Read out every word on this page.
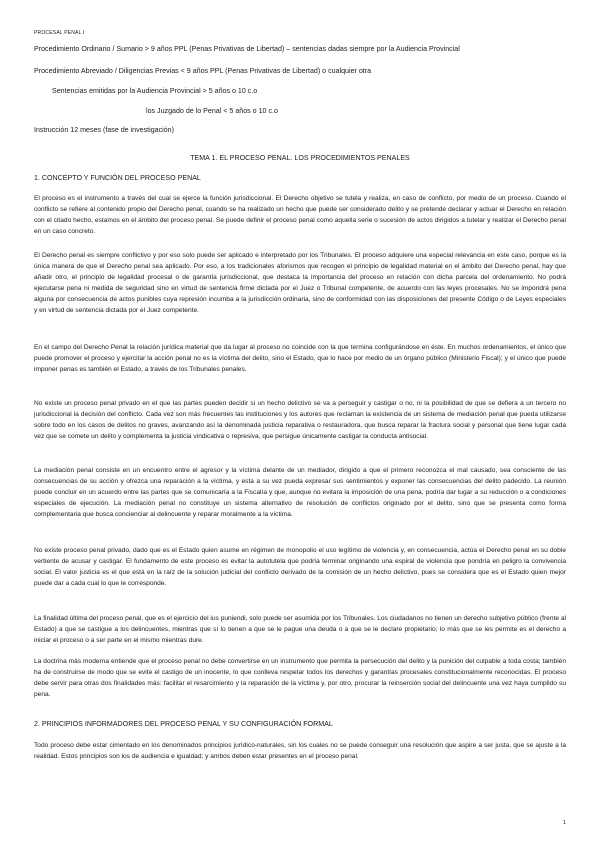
PROCESAL PENAL I
Procedimiento Ordinario / Sumario > 9 años PPL (Penas Privativas de Libertad) – sentencias dadas siempre por la Audiencia Provincial
Procedimiento Abreviado / Diligencias Previas < 9 años PPL (Penas Privativas de Libertad) o cualquier otra
Sentencias emitidas por la Audiencia Provincial > 5 años o 10 c.o
los Juzgado de lo Penal < 5 años o 10 c.o
Instrucción 12 meses (fase de investigación)
TEMA 1. EL PROCESO PENAL. LOS PROCEDIMIENTOS PENALES
1. CONCEPTO Y FUNCIÓN DEL PROCESO PENAL

El proceso es el instrumento a través del cual se ejerce la función jurisdiccional. El Derecho objetivo se tutela y realiza, en caso de conflicto, por medio de un proceso. Cuando el conflicto se refiere al contenido propio del Derecho penal, cuando se ha realizado un hecho que puede ser considerado delito y se pretende declarar y actuar el Derecho en relación con el citado hecho, estamos en el ámbito del proceso penal. Se puede definir el proceso penal como aquella serie o sucesión de actos dirigidos a tutelar y realizar el Derecho penal en un caso concreto.

El Derecho penal es siempre conflictivo y por eso solo puede ser aplicado e interpretado por los Tribunales. El proceso adquiere una especial relevancia en este caso, porque es la única manera de que el Derecho penal sea aplicado. Por eso, a los tradicionales aforismos que recogen el principio de legalidad material en el ámbito del Derecho penal, hay que añadir otro, el principio de legalidad procesal o de garantía jurisdiccional, que destaca la importancia del proceso en relación con dicha parcela del ordenamiento. No podrá ejecutarse pena ni medida de seguridad sino en virtud de sentencia firme dictada por el Juez o Tribunal competente, de acuerdo con las leyes procesales. No se impondrá pena alguna por consecuencia de actos punibles cuya represión incumba a la jurisdicción ordinaria, sino de conformidad con las disposiciones del presente Código o de Leyes especiales y en virtud de sentencia dictada por el Juez competente.

En el campo del Derecho Penal la relación jurídica material que da lugar al proceso no coincide con la que termina configurándose en éste. En muchos ordenamientos, el único que puede promover el proceso y ejercitar la acción penal no es la víctima del delito, sino el Estado, que lo hace por medio de un órgano público (Ministerio Fiscal); y el único que puede imponer penas es también el Estado, a través de los Tribunales penales.

No existe un proceso penal privado en el que las partes pueden decidir si un hecho delictivo se va a perseguir y castigar o no, ni la posibilidad de que se defiera a un tercero no jurisdiccional la decisión del conflicto. Cada vez son más frecuentes las instituciones y los autores que reclaman la existencia de un sistema de mediación penal que pueda utilizarse sobre todo en los casos de delitos no graves, avanzando así la denominada justicia reparativa o restauradora, que busca reparar la fractura social y personal que tiene lugar cada vez que se comete un delito y complementa la justicia vindicativa o represiva, que persigue únicamente castigar la conducta antisocial.

La mediación penal consiste en un encuentro entre el agresor y la víctima delante de un mediador, dirigido a que el primero reconozca el mal causado, sea consciente de las consecuencias de su acción y ofrezca una reparación a la víctima, y esta a su vez pueda expresar sus sentimientos y exponer las consecuencias del delito padecido. La reunión puede concluir en un acuerdo entre las partes que se comunicaría a la Fiscalía y que, aunque no evitara la imposición de una pena, podría dar lugar a su reducción o a condiciones especiales de ejecución. La mediación penal no constituye un sistema alternativo de resolución de conflictos originado por el delito, sino que se presenta como forma complementaria que busca concienciar al delincuente y reparar moralmente a la víctima.

No existe proceso penal privado, dado que es el Estado quien asume en régimen de monopolio el uso legítimo de violencia y, en consecuencia, actúa el Derecho penal en su doble vertiente de acusar y castigar. El fundamento de este proceso es evitar la autotutela que podría terminar originando una espiral de violencia que pondría en peligro la convivencia social. El valor justicia es el que está en la raíz de la solución judicial del conflicto derivado de la comisión de un hecho delictivo, pues se considera que es el Estado quien mejor puede dar a cada cual lo que le corresponde.

La finalidad última del proceso penal, que es el ejercicio del ius puniendi, solo puede ser asumida por los Tribunales. Los ciudadanos no tienen un derecho subjetivo público (frente al Estado) a que se castigue a los delincuentes, mientras que sí lo tienen a que se le pague una deuda o a que se le declare propietario; lo más que se les permite es el derecho a iniciar el proceso o a ser parte en el mismo mientras dure.

La doctrina más moderna entiende que el proceso penal no debe convertirse en un instrumento que permita la persecución del delito y la punición del culpable a toda costa; también ha de construirse de modo que se evite el castigo de un inocente, lo que conlleva respetar todos los derechos y garantías procesales constitucionalmente reconocidas. El proceso debe servir para otras dos finalidades más: facilitar el resarcimiento y la reparación de la víctima y, por otro, procurar la reinserción social del delincuente una vez haya cumplido su pena.

2. PRINCIPIOS INFORMADORES DEL PROCESO PENAL Y SU CONFIGURACIÓN FORMAL

Todo proceso debe estar cimentado en los denominados principios jurídico-naturales, sin los cuales no se puede conseguir una resolución que aspire a ser justa, que se ajuste a la realidad. Estos principios son los de audiencia e igualdad; y ambos deben estar presentes en el proceso penal.

1
